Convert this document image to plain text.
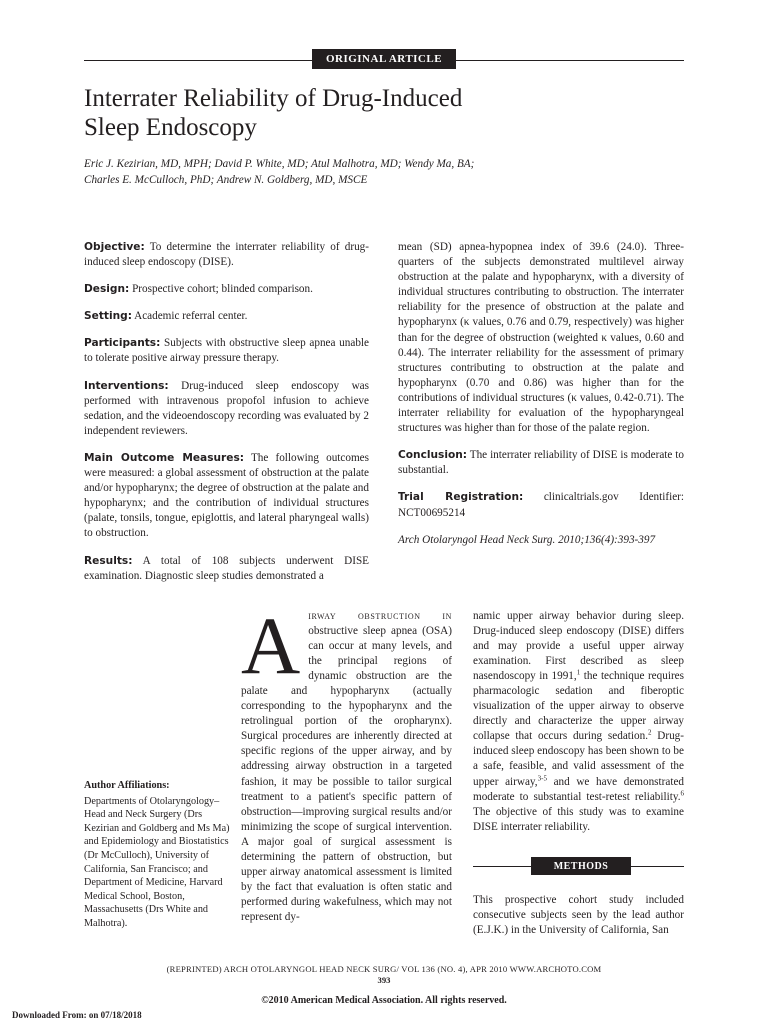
ORIGINAL ARTICLE
Interrater Reliability of Drug-Induced
Sleep Endoscopy
Eric J. Kezirian, MD, MPH; David P. White, MD; Atul Malhotra, MD; Wendy Ma, BA;
Charles E. McCulloch, PhD; Andrew N. Goldberg, MD, MSCE

Objective: To determine the interrater reliability of drug-induced sleep endoscopy (DISE).

Design: Prospective cohort; blinded comparison.

Setting: Academic referral center.

Participants: Subjects with obstructive sleep apnea unable to tolerate positive airway pressure therapy.

Interventions: Drug-induced sleep endoscopy was performed with intravenous propofol infusion to achieve sedation, and the videoendoscopy recording was evaluated by 2 independent reviewers.

Main Outcome Measures: The following outcomes were measured: a global assessment of obstruction at the palate and/or hypopharynx; the degree of obstruction at the palate and hypopharynx; and the contribution of individual structures (palate, tonsils, tongue, epiglottis, and lateral pharyngeal walls) to obstruction.

Results: A total of 108 subjects underwent DISE examination. Diagnostic sleep studies demonstrated a

mean (SD) apnea-hypopnea index of 39.6 (24.0). Three-quarters of the subjects demonstrated multilevel airway obstruction at the palate and hypopharynx, with a diversity of individual structures contributing to obstruction. The interrater reliability for the presence of obstruction at the palate and hypopharynx (κ values, 0.76 and 0.79, respectively) was higher than for the degree of obstruction (weighted κ values, 0.60 and 0.44). The interrater reliability for the assessment of primary structures contributing to obstruction at the palate and hypopharynx (0.70 and 0.86) was higher than for the contributions of individual structures (κ values, 0.42-0.71). The interrater reliability for evaluation of the hypopharyngeal structures was higher than for those of the palate region.

Conclusion: The interrater reliability of DISE is moderate to substantial.

Trial Registration: clinicaltrials.gov Identifier: NCT00695214

Arch Otolaryngol Head Neck Surg. 2010;136(4):393-397

Author Affiliations:
Departments of Otolaryngology–Head and Neck Surgery (Drs Kezirian and Goldberg and Ms Ma) and Epidemiology and Biostatistics (Dr McCulloch), University of California, San Francisco; and Department of Medicine, Harvard Medical School, Boston, Massachusetts (Drs White and Malhotra).
Airway obstruction in obstructive sleep apnea (OSA) can occur at many levels, and the principal regions of dynamic obstruction are the palate and hypopharynx (actually corresponding to the hypopharynx and the retrolingual portion of the oropharynx). Surgical procedures are inherently directed at specific regions of the upper airway, and by addressing airway obstruction in a targeted fashion, it may be possible to tailor surgical treatment to a patient's specific pattern of obstruction—improving surgical results and/or minimizing the scope of surgical intervention. A major goal of surgical assessment is determining the pattern of obstruction, but upper airway anatomical assessment is limited by the fact that evaluation is often static and performed during wakefulness, which may not represent dy-
namic upper airway behavior during sleep. Drug-induced sleep endoscopy (DISE) differs and may provide a useful upper airway examination. First described as sleep nasendoscopy in 1991,$^1$ the technique requires pharmacologic sedation and fiberoptic visualization of the upper airway to observe directly and characterize the upper airway collapse that occurs during sedation.$^2$ Drug-induced sleep endoscopy has been shown to be a safe, feasible, and valid assessment of the upper airway,$^{3-5}$ and we have demonstrated moderate to substantial test-retest reliability.$^6$ The objective of this study was to examine DISE interrater reliability.
METHODS
This prospective cohort study included consecutive subjects seen by the lead author (E.J.K.) in the University of California, San
(REPRINTED) ARCH OTOLARYNGOL HEAD NECK SURG/ VOL 136 (NO. 4), APR 2010 WWW.ARCHOTO.COM
393
©2010 American Medical Association. All rights reserved.
Downloaded From: on 07/18/2018
